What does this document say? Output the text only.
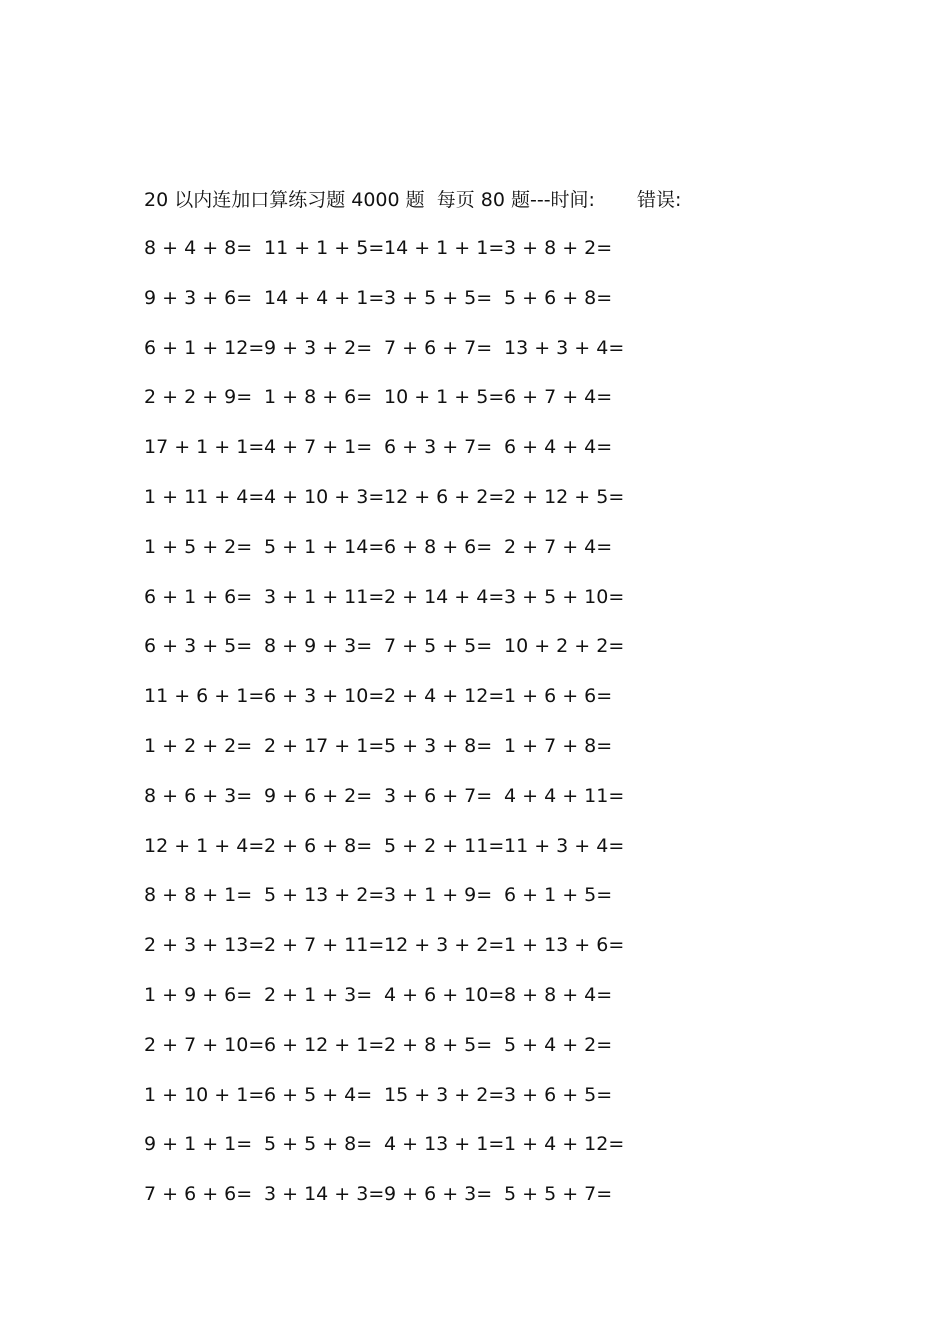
20 以内连加口算练习题 4000 题  每页 80 题---时间: 错误:
8 + 4 + 8= 11 + 1 + 5= 14 + 1 + 1= 3 + 8 + 2=
9 + 3 + 6= 14 + 4 + 1= 3 + 5 + 5= 5 + 6 + 8=
6 + 1 + 12= 9 + 3 + 2= 7 + 6 + 7= 13 + 3 + 4=
2 + 2 + 9= 1 + 8 + 6= 10 + 1 + 5= 6 + 7 + 4=
17 + 1 + 1= 4 + 7 + 1= 6 + 3 + 7= 6 + 4 + 4=
1 + 11 + 4= 4 + 10 + 3= 12 + 6 + 2= 2 + 12 + 5=
1 + 5 + 2= 5 + 1 + 14= 6 + 8 + 6= 2 + 7 + 4=
6 + 1 + 6= 3 + 1 + 11= 2 + 14 + 4= 3 + 5 + 10=
6 + 3 + 5= 8 + 9 + 3= 7 + 5 + 5= 10 + 2 + 2=
11 + 6 + 1= 6 + 3 + 10= 2 + 4 + 12= 1 + 6 + 6=
1 + 2 + 2= 2 + 17 + 1= 5 + 3 + 8= 1 + 7 + 8=
8 + 6 + 3= 9 + 6 + 2= 3 + 6 + 7= 4 + 4 + 11=
12 + 1 + 4= 2 + 6 + 8= 5 + 2 + 11= 11 + 3 + 4=
8 + 8 + 1= 5 + 13 + 2= 3 + 1 + 9= 6 + 1 + 5=
2 + 3 + 13= 2 + 7 + 11= 12 + 3 + 2= 1 + 13 + 6=
1 + 9 + 6= 2 + 1 + 3= 4 + 6 + 10= 8 + 8 + 4=
2 + 7 + 10= 6 + 12 + 1= 2 + 8 + 5= 5 + 4 + 2=
1 + 10 + 1= 6 + 5 + 4= 15 + 3 + 2= 3 + 6 + 5=
9 + 1 + 1= 5 + 5 + 8= 4 + 13 + 1= 1 + 4 + 12=
7 + 6 + 6= 3 + 14 + 3= 9 + 6 + 3= 5 + 5 + 7=
